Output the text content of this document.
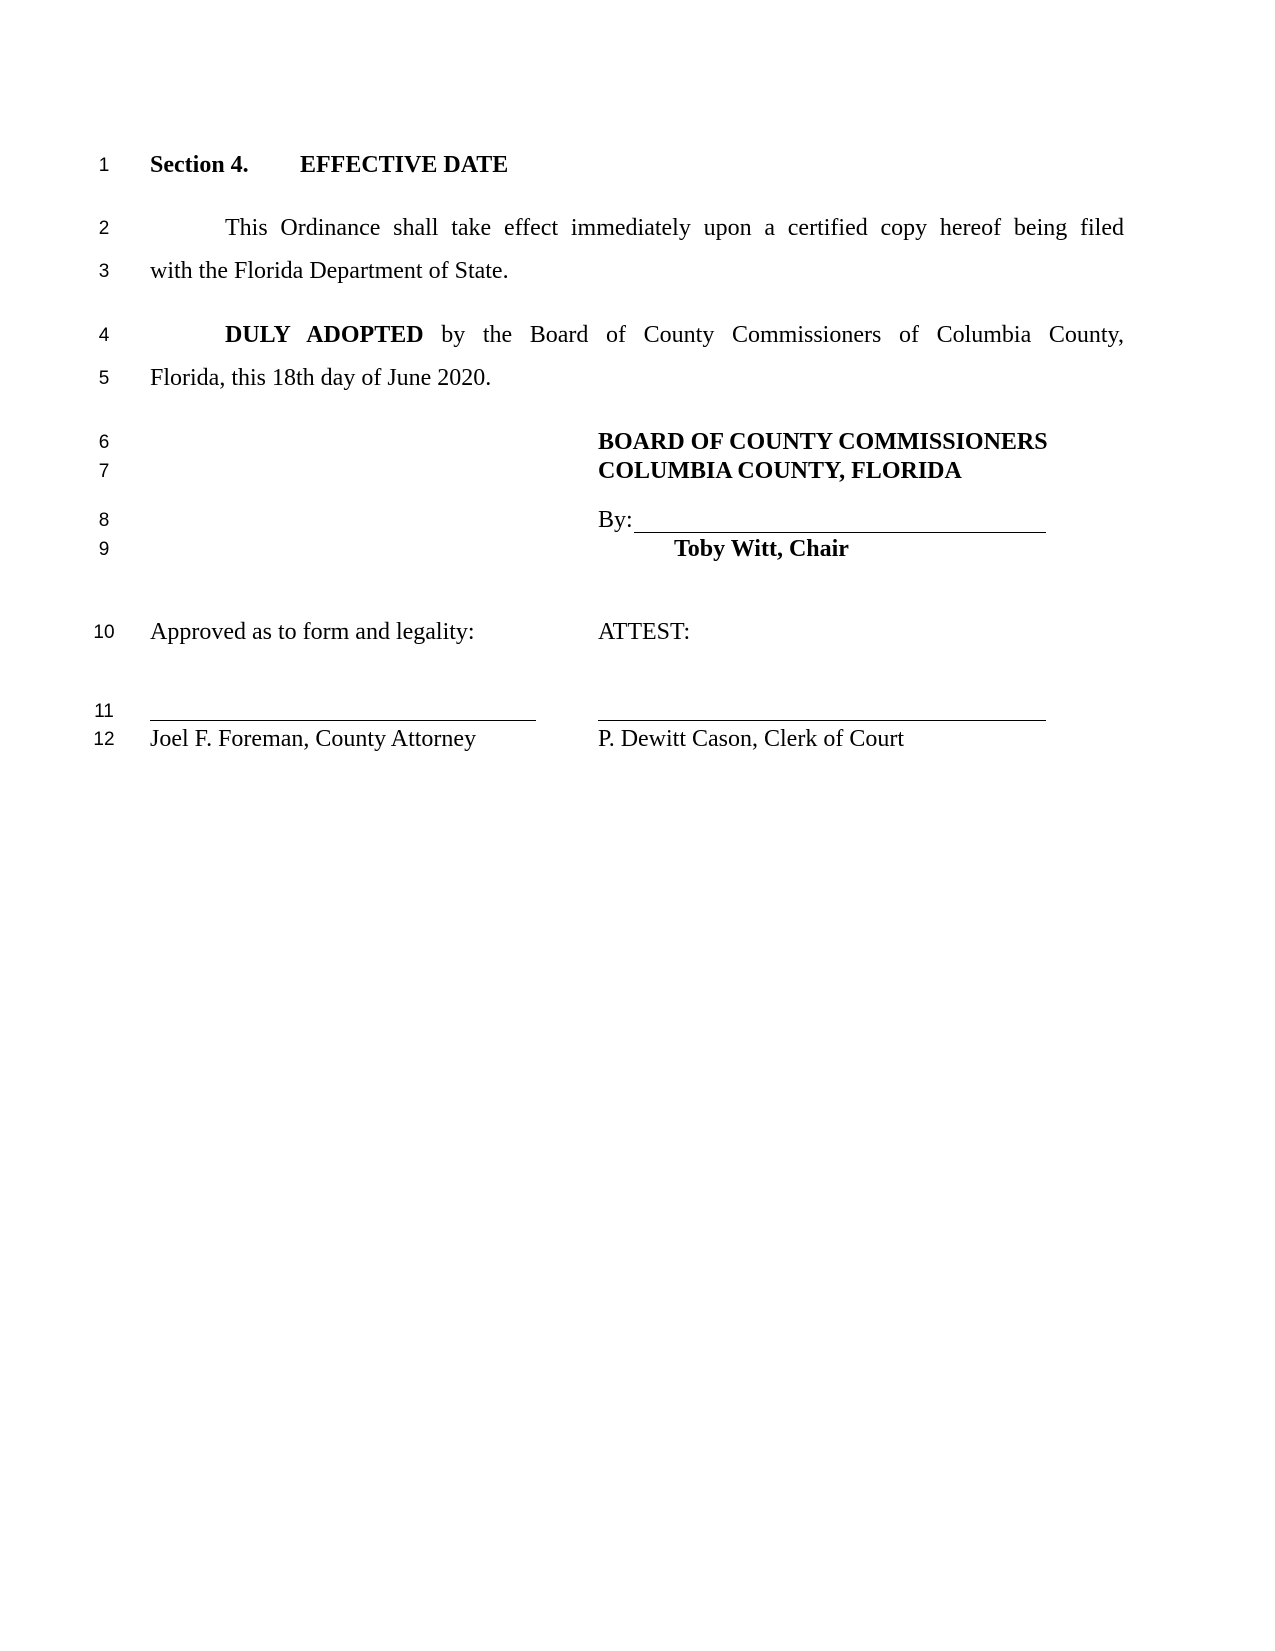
1
2
3
4
5
6
7
8
9
10
11
12
Section 4. EFFECTIVE DATE
This Ordinance shall take effect immediately upon a certified copy hereof being filed
with the Florida Department of State.
DULY ADOPTED by the Board of County Commissioners of Columbia County,
Florida, this 18th day of June 2020.
BOARD OF COUNTY COMMISSIONERS
COLUMBIA COUNTY, FLORIDA
By:
Toby Witt, Chair
Approved as to form and legality:	ATTEST:
Joel F. Foreman, County Attorney	P. Dewitt Cason, Clerk of Court
